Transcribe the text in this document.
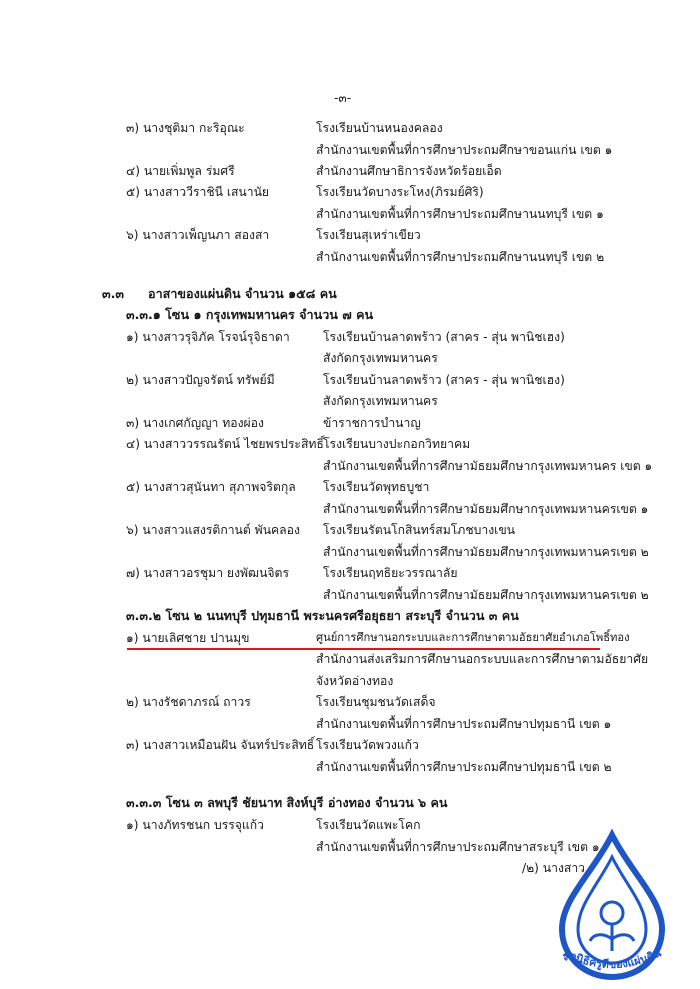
-๓-
๓) นางชุติมา กะริอุณะ	โรงเรียนบ้านหนองคลอง
สำนักงานเขตพื้นที่การศึกษาประถมศึกษาขอนแก่น เขต ๑
๔) นายเพิ่มพูล ร่มศรี	สำนักงานศึกษาธิการจังหวัดร้อยเอ็ด
๕) นางสาววีราชินี เสนานัย	โรงเรียนวัดบางระโหง(ภิรมย์ศิริ)
สำนักงานเขตพื้นที่การศึกษาประถมศึกษานนทบุรี เขต ๑
๖) นางสาวเพ็ญนภา สองสา	โรงเรียนสุเหร่าเขียว
สำนักงานเขตพื้นที่การศึกษาประถมศึกษานนทบุรี เขต ๒
๓.๓ อาสาของแผ่นดิน จำนวน ๑๕๘ คน
๓.๓.๑ โซน ๑ กรุงเทพมหานคร จำนวน ๗ คน
๑) นางสาวรุจิภัค โรจน์รุจิธาดา	โรงเรียนบ้านลาดพร้าว (สาคร - สุ่น พานิชเฮง)
สังกัดกรุงเทพมหานคร
๒) นางสาวปัญจรัตน์ ทรัพย์มี	โรงเรียนบ้านลาดพร้าว (สาคร - สุ่น พานิชเฮง)
สังกัดกรุงเทพมหานคร
๓) นางเกศกัญญา ทองผ่อง	ข้าราชการบำนาญ
๔) นางสาววรรณรัตน์ ไชยพรประสิทธิ์ โรงเรียนบางปะกอกวิทยาคม
สำนักงานเขตพื้นที่การศึกษามัธยมศึกษากรุงเทพมหานคร เขต ๑
๕) นางสาวสุนันทา สุภาพจริตกุล โรงเรียนวัดพุทธบูชา
สำนักงานเขตพื้นที่การศึกษามัธยมศึกษากรุงเทพมหานครเขต ๑
๖) นางสาวแสงรติกานต์ พันคลอง โรงเรียนรัตนโกสินทร์สมโภชบางเขน
สำนักงานเขตพื้นที่การศึกษามัธยมศึกษากรุงเทพมหานครเขต ๒
๗) นางสาวอรชุมา ยงพัฒนจิตร	โรงเรียนฤทธิยะวรรณาลัย
สำนักงานเขตพื้นที่การศึกษามัธยมศึกษากรุงเทพมหานครเขต ๒
๓.๓.๒ โซน ๒ นนทบุรี ปทุมธานี พระนครศรีอยุธยา สระบุรี จำนวน ๓ คน
๑) นายเลิศชาย ปานมุข	ศูนย์การศึกษานอกระบบและการศึกษาตามอัธยาศัยอำเภอโพธิ์ทอง
สำนักงานส่งเสริมการศึกษานอกระบบและการศึกษาตามอัธยาศัย
จังหวัดอ่างทอง
๒) นางรัชดาภรณ์ ถาวร	โรงเรียนชุมชนวัดเสด็จ
สำนักงานเขตพื้นที่การศึกษาประถมศึกษาปทุมธานี เขต ๑
๓) นางสาวเหมือนฝัน จันทร์ประสิทธิ์ โรงเรียนวัดพวงแก้ว
สำนักงานเขตพื้นที่การศึกษาประถมศึกษาปทุมธานี เขต ๒
๓.๓.๓ โซน ๓ ลพบุรี ชัยนาท สิงห์บุรี อ่างทอง จำนวน ๖ คน
๑) นางภัทรชนก บรรจุแก้ว	โรงเรียนวัดแพะโคก
สำนักงานเขตพื้นที่การศึกษาประถมศึกษาสระบุรี เขต ๑
/๒) นางสาว..
มูลนิธิครูดีของแผ่นดิน
